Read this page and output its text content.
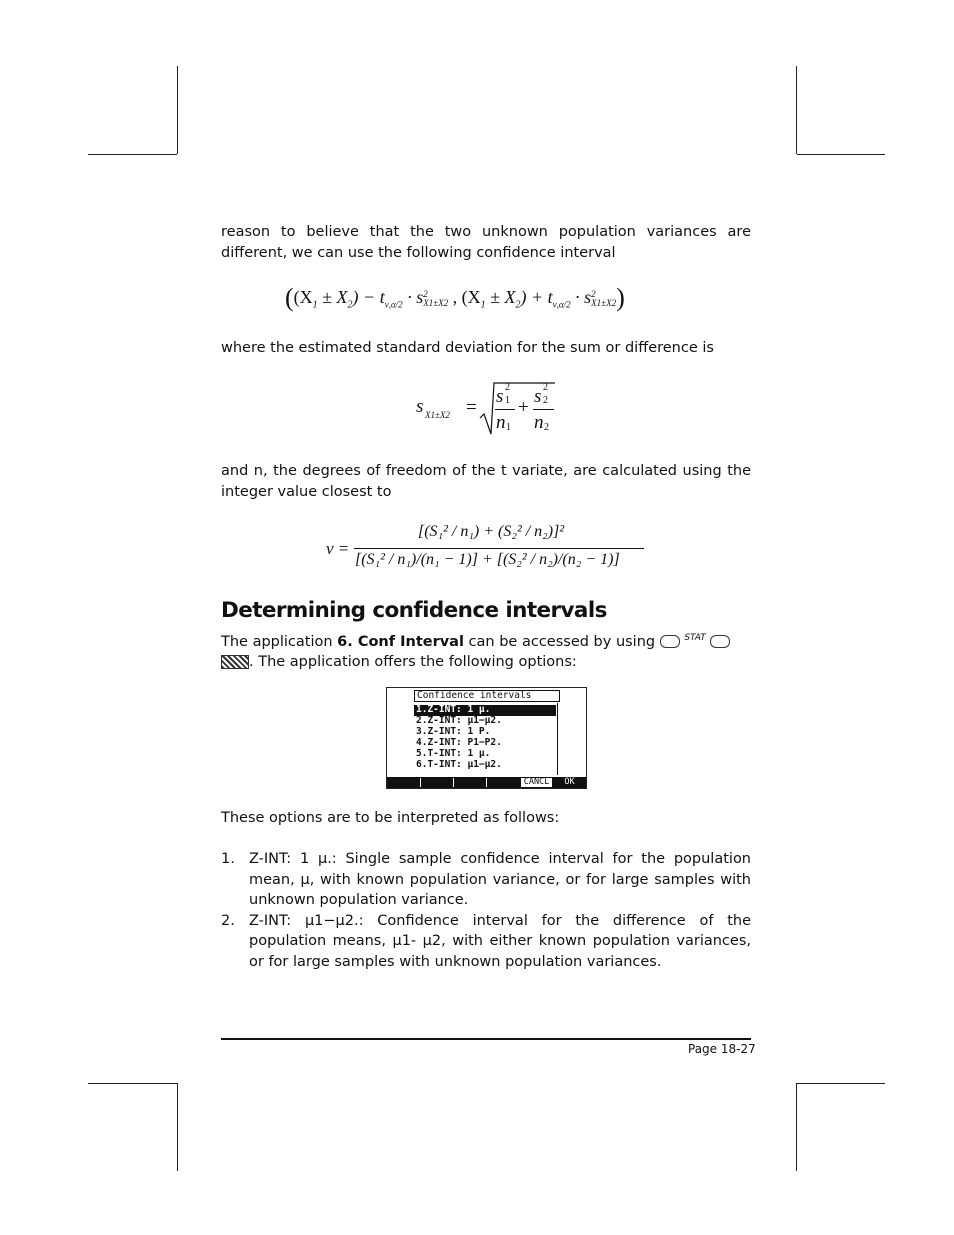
reason to believe that the two unknown population variances are different, we can use the following confidence interval
($(X_1 \pm X_2) - t_{\nu,\alpha/2} \cdot s$ 2
X1±X2 , $(X_1 \pm X_2) + t_{\nu,\alpha/2} \cdot s$ 2
X1±X2 )
where the estimated standard deviation for the sum or difference is
s X1±X2 =
s 2
1
n 1
+
s 2
2
n 2
and n, the degrees of freedom of the t variate, are calculated using the integer value closest to
ν =
[(S₁² / n₁) + (S₂² / n₂)]²
[(S₁² / n₁)/(n₁ − 1)] + [(S₂² / n₂)/(n₂ − 1)]
Determining confidence intervals
The application 6. Conf Interval can be accessed by using	$^{STAT}$
. The application offers the following options:
Confidence intervals
1.Z-INT: 1 μ.
2.Z-INT: μ1−μ2.
3.Z-INT: 1 P.
4.Z-INT: P1−P2.
5.T-INT: 1 μ.
6.T-INT: μ1−μ2.
CANCL	OK
These options are to be interpreted as follows:
1. Z-INT: 1 μ.: Single sample confidence interval for the population mean, μ, with known population variance, or for large samples with unknown population variance.
2. Z-INT: μ1−μ2.: Confidence interval for the difference of the population means, μ1- μ2, with either known population variances, or for large samples with unknown population variances.
Page 18-27
